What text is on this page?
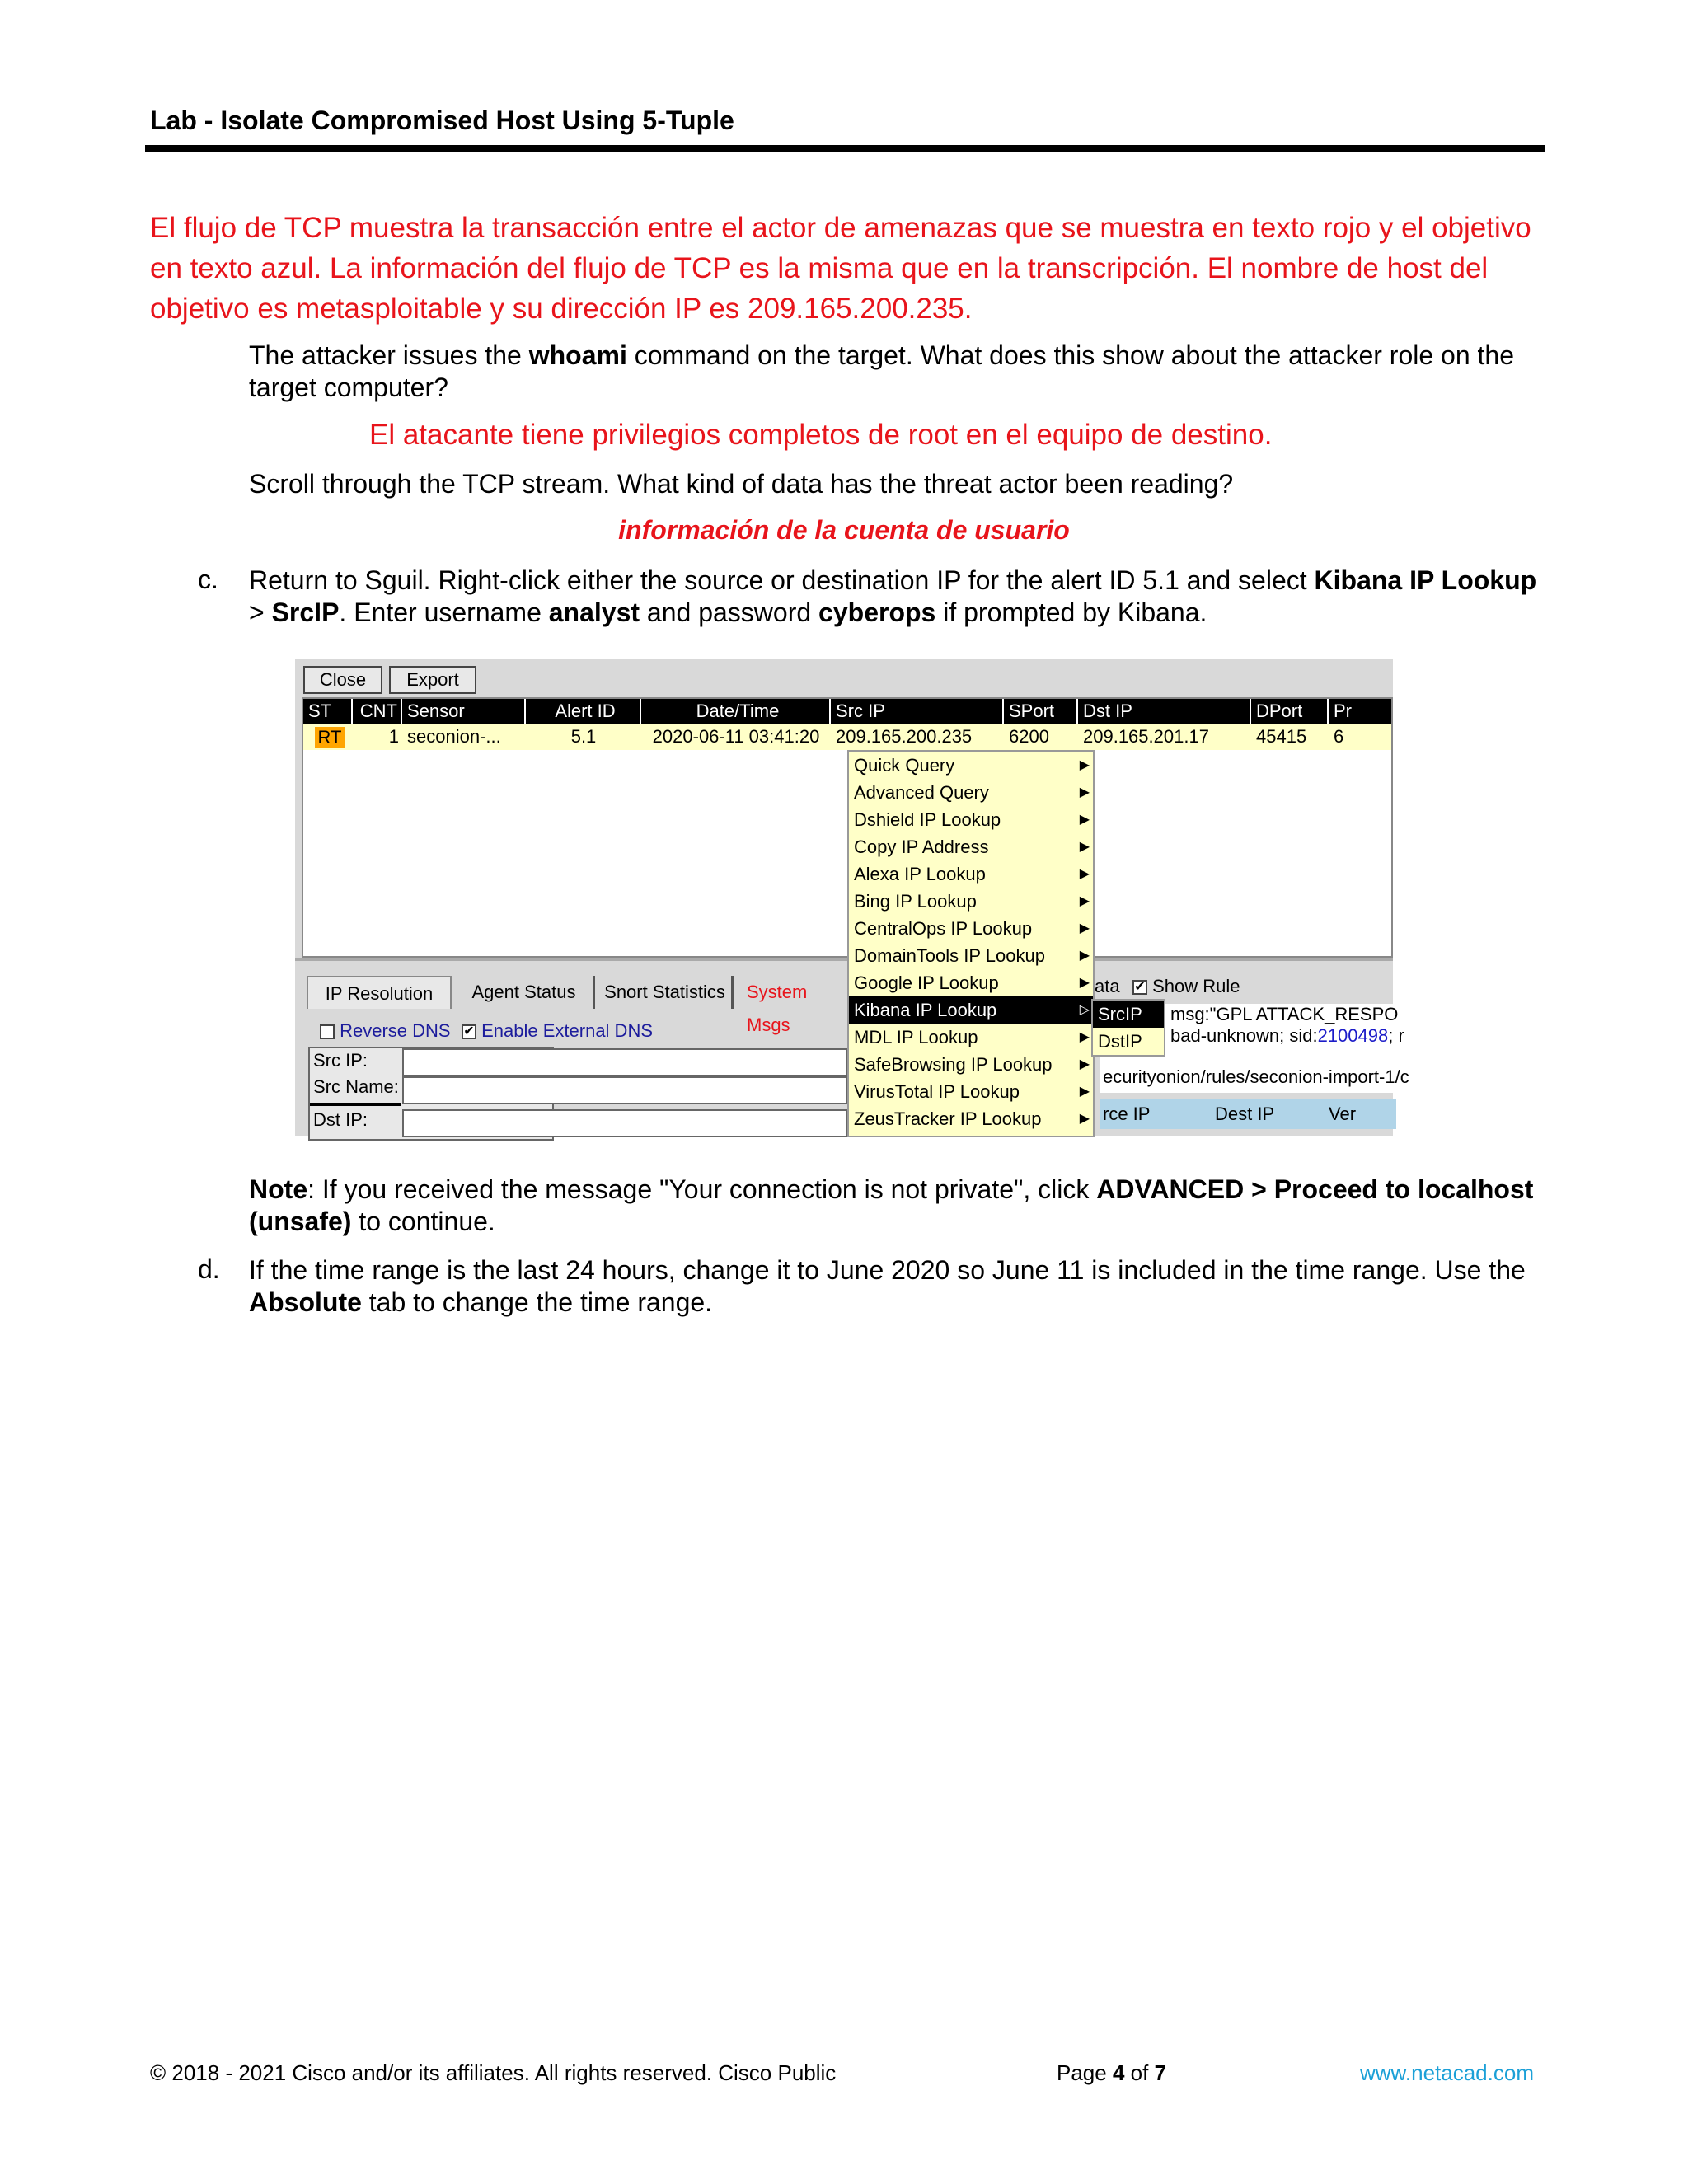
Lab - Isolate Compromised Host Using 5-Tuple
El flujo de TCP muestra la transacción entre el actor de amenazas que se muestra en texto rojo y el objetivo en texto azul. La información del flujo de TCP es la misma que en la transcripción. El nombre de host del objetivo es metasploitable y su dirección IP es 209.165.200.235.
The attacker issues the whoami command on the target. What does this show about the attacker role on the target computer?
El atacante tiene privilegios completos de root en el equipo de destino.
Scroll through the TCP stream. What kind of data has the threat actor been reading?
información de la cuenta de usuario
c. Return to Sguil. Right-click either the source or destination IP for the alert ID 5.1 and select Kibana IP Lookup > SrcIP. Enter username analyst and password cyberops if prompted by Kibana.
Close	Export
ST	CNT Sensor	Alert ID	Date/Time	Src IP	SPort	Dst IP	DPort	Pr
RT	1 seconion-...	5.1	2020-06-11 03:41:20 209.165.200.235 6200 209.165.201.17	45415 6
IP Resolution	Agent Status	Snort Statistics	System Msgs
Reverse DNS ✔ Enable External DNS
Src IP:
Src Name:
Dst IP:
ata ✔ Show Rule
msg:"GPL ATTACK_RESPO
bad-unknown; sid:2100498; r
ecurityonion/rules/seconion-import-1/c
rce IP	Dest IP	Ver
Quick Query	▶
Advanced Query	▶
Dshield IP Lookup	▶
Copy IP Address	▶
Alexa IP Lookup	▶
Bing IP Lookup	▶
CentralOps IP Lookup	▶
DomainTools IP Lookup	▶
Google IP Lookup	▶
Kibana IP Lookup	▷
MDL IP Lookup	▶
SafeBrowsing IP Lookup ▶
VirusTotal IP Lookup	▶
ZeusTracker IP Lookup	▶
SrcIP
DstIP
Note: If you received the message "Your connection is not private", click ADVANCED > Proceed to localhost (unsafe) to continue.
d. If the time range is the last 24 hours, change it to June 2020 so June 11 is included in the time range. Use the Absolute tab to change the time range.
© 2018 - 2021 Cisco and/or its affiliates. All rights reserved. Cisco Public	Page 4 of 7	www.netacad.com
